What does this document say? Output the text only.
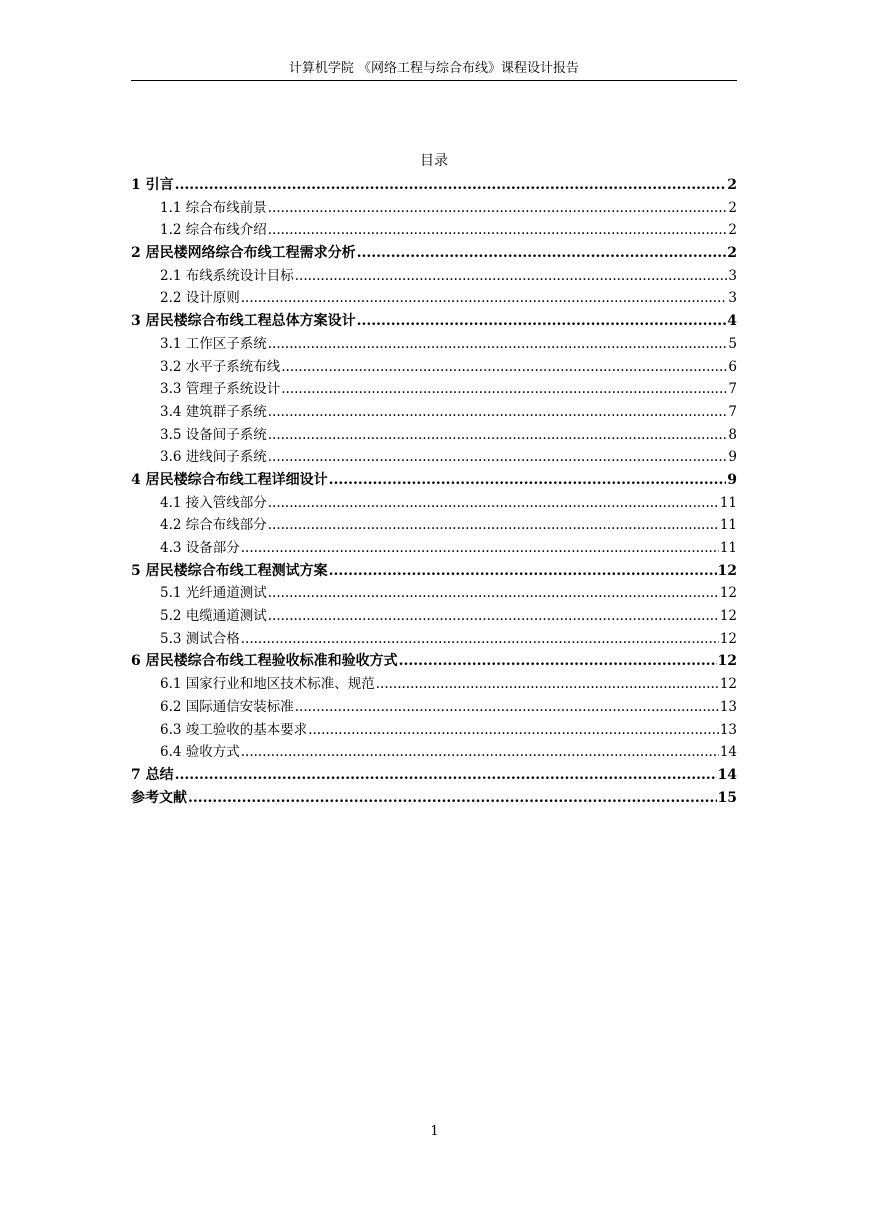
计算机学院 《网络工程与综合布线》课程设计报告
目录
1 引言 .....	2
1.1 综合布线前景 .....	2
1.2 综合布线介绍 .....	2
2 居民楼网络综合布线工程需求分析 .....	2
2.1 布线系统设计目标 .....	3
2.2 设计原则 .....	3
3 居民楼综合布线工程总体方案设计 .....	4
3.1 工作区子系统 .....	5
3.2 水平子系统布线 .....	6
3.3 管理子系统设计 .....	7
3.4 建筑群子系统 .....	7
3.5 设备间子系统 .....	8
3.6 进线间子系统 .....	9
4 居民楼综合布线工程详细设计 .....	9
4.1 接入管线部分 .....	11
4.2 综合布线部分 .....	11
4.3 设备部分 .....	11
5 居民楼综合布线工程测试方案 .....	12
5.1 光纤通道测试 .....	12
5.2 电缆通道测试 .....	12
5.3 测试合格 .....	12
6 居民楼综合布线工程验收标准和验收方式 .....	12
6.1 国家行业和地区技术标准、规范 .....	12
6.2 国际通信安装标准 .....	13
6.3 竣工验收的基本要求 .....	13
6.4 验收方式 .....	14
7 总结 .....	14
参考文献 .....	15
1
